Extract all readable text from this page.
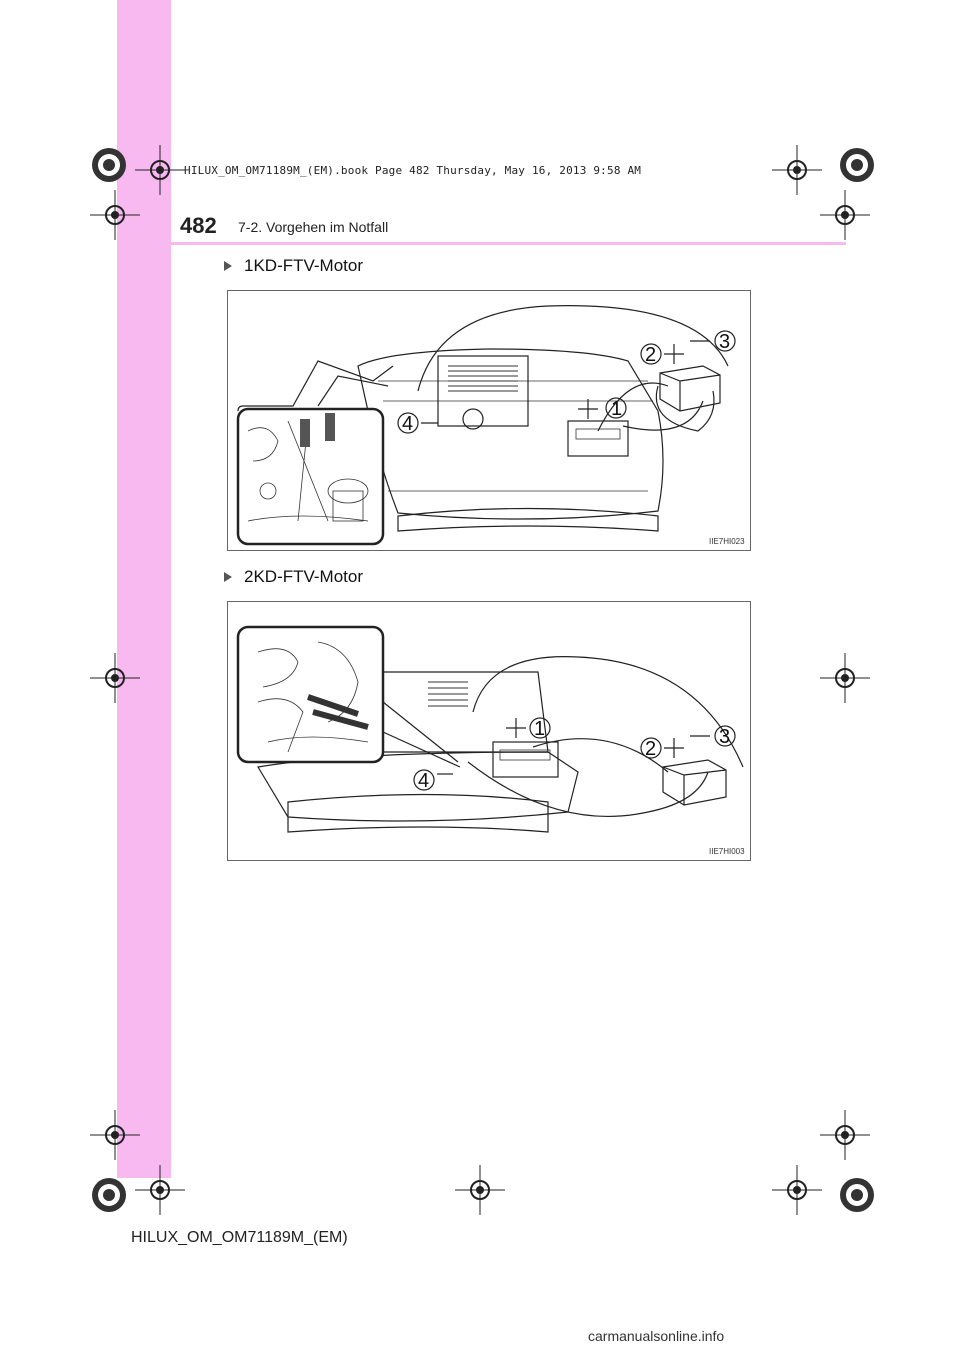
482 7-2. Vorgehen im Notfall
HILUX_OM_OM71189M_(EM).book Page 482 Thursday, May 16, 2013 9:58 AM
1KD-FTV-Motor
1
2
3
4
IIE7HI023
2KD-FTV-Motor
1
2
3
4
IIE7HI003
HILUX_OM_OM71189M_(EM)
carmanualsonline.info
